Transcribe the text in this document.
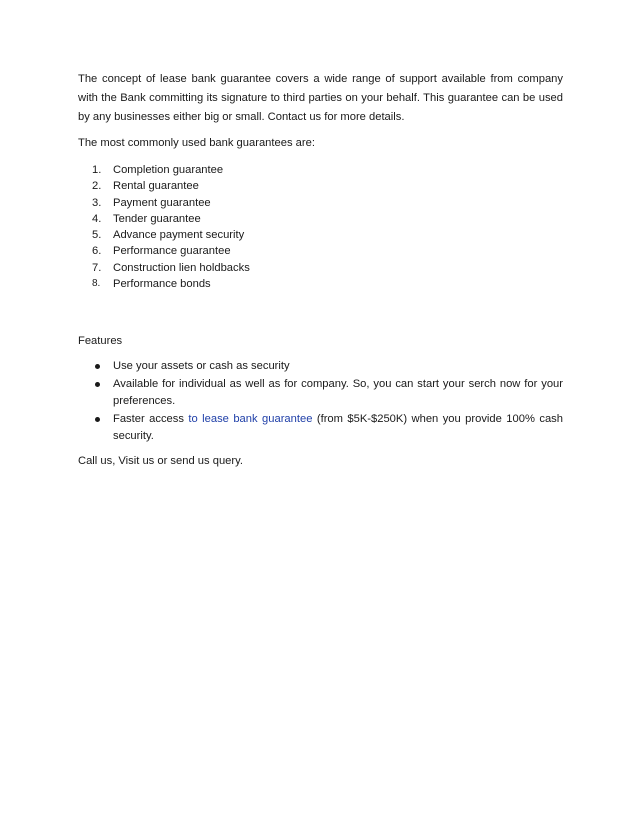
The concept of lease bank guarantee covers a wide range of support available from company with the Bank committing its signature to third parties on your behalf. This guarantee can be used by any businesses either big or small. Contact us for more details.

The most commonly used bank guarantees are:

1.	Completion guarantee
2.	Rental guarantee
3.	Payment guarantee
4.	Tender guarantee
5.	Advance payment security
6.	Performance guarantee
7.	Construction lien holdbacks
8.	Performance bonds

Features

Use your assets or cash as security
Available for individual as well as for company. So, you can start your serch now for your preferences.
Faster access to lease bank guarantee (from $5K-$250K) when you provide 100% cash security.

Call us, Visit us or send us query.
